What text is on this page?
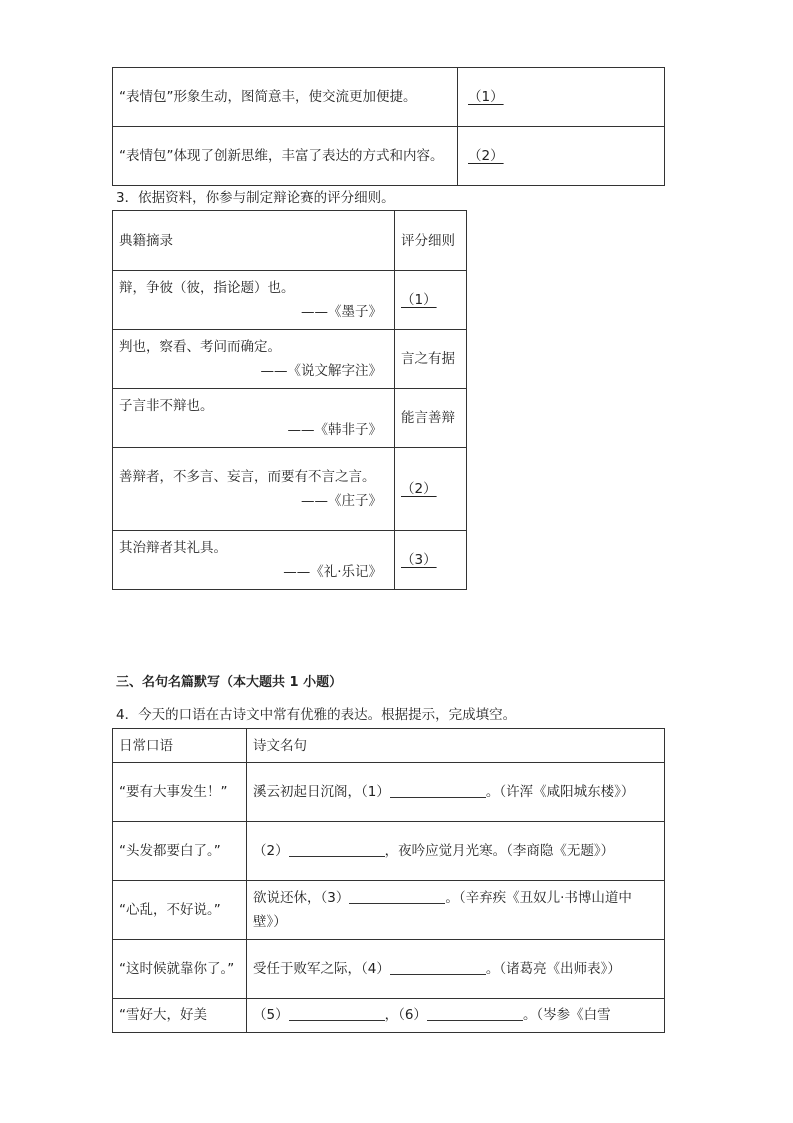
“表情包”形象生动，图简意丰，使交流更加便捷。	（1）
“表情包”体现了创新思维，丰富了表达的方式和内容。	（2）
3．依据资料，你参与制定辩论赛的评分细则。
典籍摘录	评分细则
辩，争彼（彼，指论题）也。
——《墨子》	（1）
判也，察看、考问而确定。
——《说文解字注》	言之有据
子言非不辩也。
——《韩非子》	能言善辩
善辩者，不多言、妄言，而要有不言之言。
——《庄子》	（2）
其治辩者其礼具。
——《礼·乐记》	（3）
三、名句名篇默写（本大题共 1 小题）
4．今天的口语在古诗文中常有优雅的表达。根据提示，完成填空。
日常口语	诗文名句
“要有大事发生！”	溪云初起日沉阁，（1） 。（许浑《咸阳城东楼》）
“头发都要白了。”	（2） ，夜吟应觉月光寒。（李商隐《无题》）
“心乱，不好说。”	欲说还休，（3） 。（辛弃疾《丑奴儿·书博山道中壁》）
“这时候就靠你了。”	受任于败军之际，（4） 。（诸葛亮《出师表》）
“雪好大，好美	（5） ，（6） 。（岑参《白雪
